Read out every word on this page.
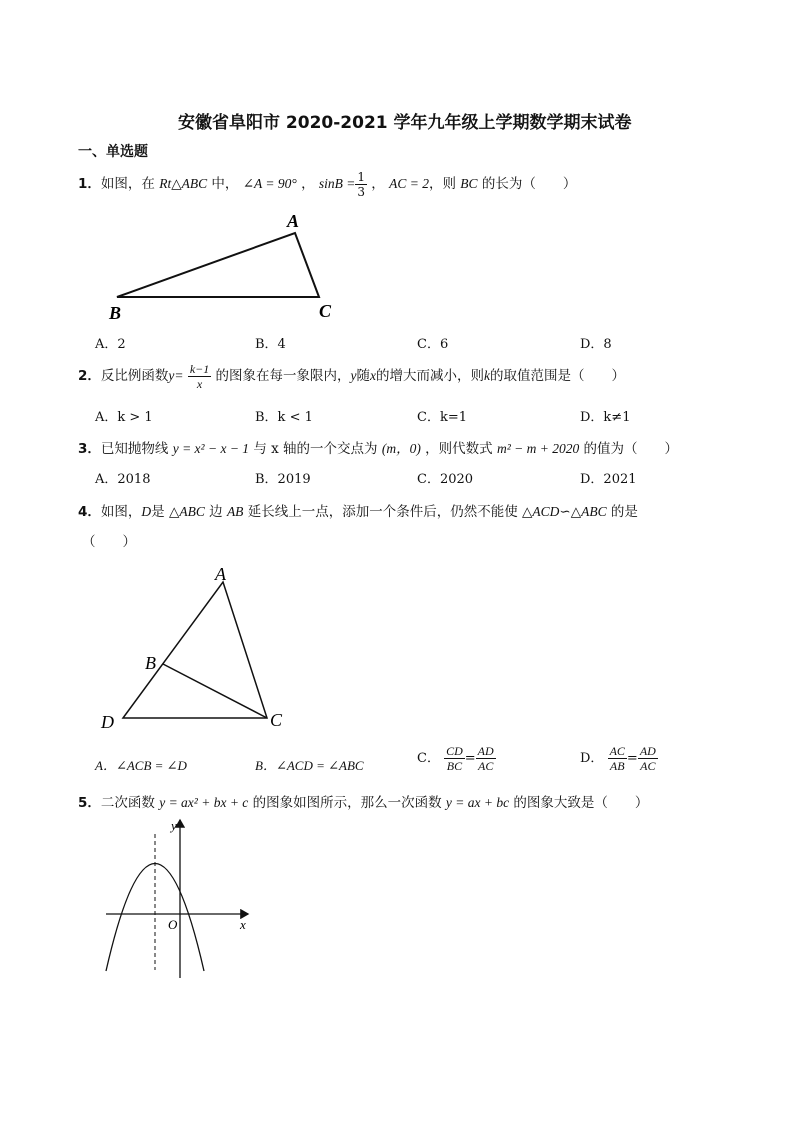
安徽省阜阳市 2020-2021 学年九年级上学期数学期末试卷
一、单选题
1．如图，在 Rt△ABC 中， ∠A = 90° ， $\sin B = \frac{1}{3}$ ， AC = 2，则 BC 的长为（　　）
A
B	C
A．2	B．4	C．6	D．8
2．反比例函数$y= \frac{k-1}{x}$ 的图象在每一象限内，y随x的增大而减小，则k的取值范围是（　　）
A．k > 1	B．k < 1	C．k=1	D．k≠1
3．已知抛物线 y = x² − x − 1 与 x 轴的一个交点为 (m，0) ，则代数式 m² − m + 2020 的值为（　　）
A．2018	B．2019	C．2020	D．2021
4．如图，D是 △ABC 边 AB 延长线上一点，添加一个条件后，仍然不能使 △ACD∽△ABC 的是
（　　）
A
B
C
D
A．∠ACB = ∠D	B．∠ACD = ∠ABC	C． $\frac{CD}{BC} = \frac{AD}{AC}$	D． $\frac{AC}{AB} = \frac{AD}{AC}$
5．二次函数 y = ax² + bx + c 的图象如图所示，那么一次函数 y = ax + bc 的图象大致是（　　）
y
x
O
